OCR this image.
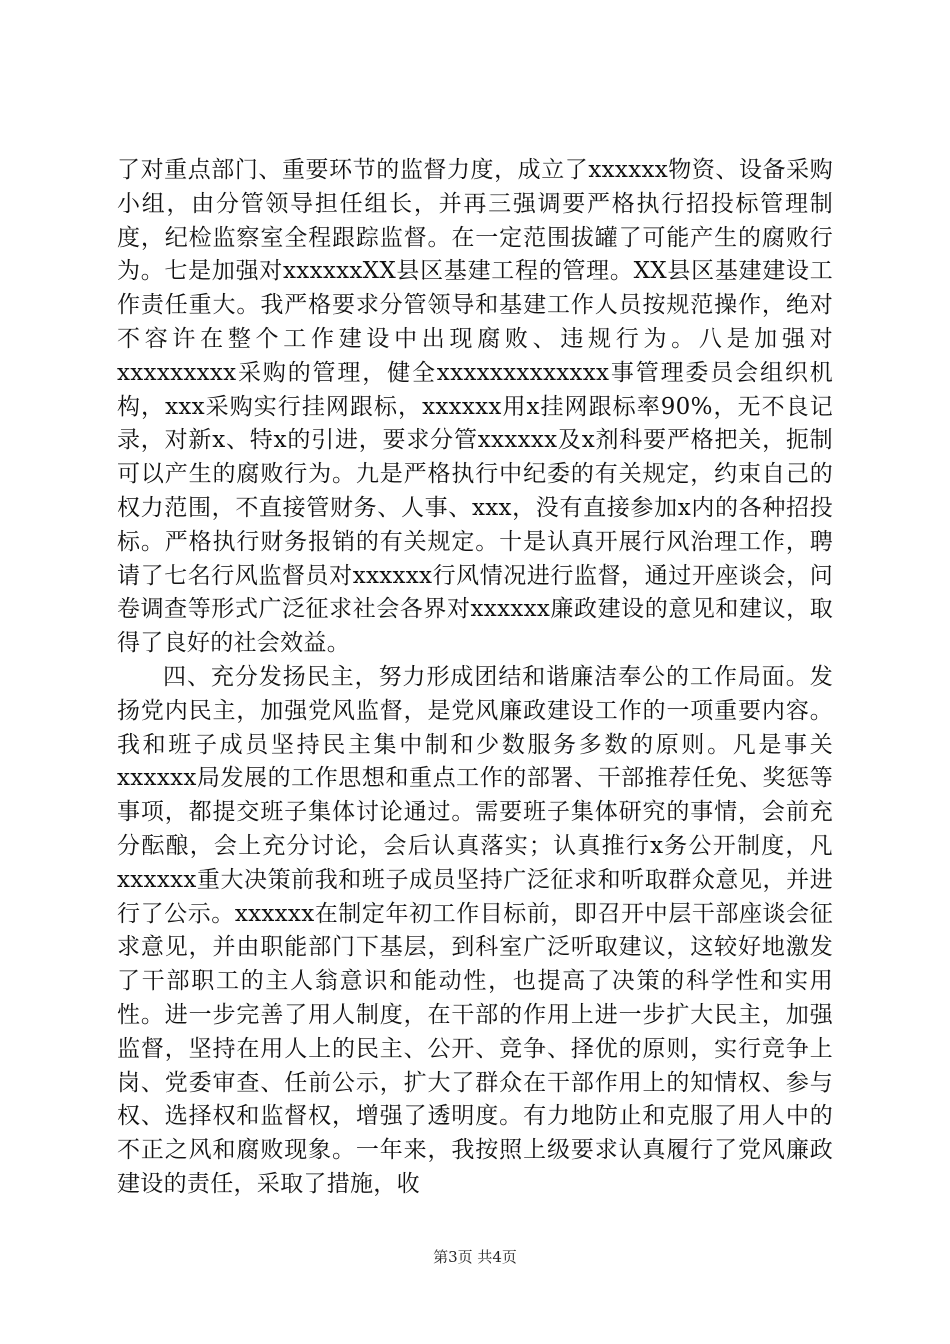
了对重点部门、重要环节的监督力度，成立了xxxxxx物资、设备采购小组，由分管领导担任组长，并再三强调要严格执行招投标管理制度，纪检监察室全程跟踪监督。在一定范围拔罐了可能产生的腐败行为。七是加强对xxxxxxXX县区基建工程的管理。XX县区基建建设工作责任重大。我严格要求分管领导和基建工作人员按规范操作，绝对不容许在整个工作建设中出现腐败、违规行为。八是加强对xxxxxxxxx采购的管理，健全xxxxxxxxxxxxx事管理委员会组织机构，xxx采购实行挂网跟标，xxxxxx用x挂网跟标率90%，无不良记录，对新x、特x的引进，要求分管xxxxxx及x剂科要严格把关，扼制可以产生的腐败行为。九是严格执行中纪委的有关规定，约束自己的权力范围，不直接管财务、人事、xxx，没有直接参加x内的各种招投标。严格执行财务报销的有关规定。十是认真开展行风治理工作，聘请了七名行风监督员对xxxxxx行风情况进行监督，通过开座谈会，问卷调查等形式广泛征求社会各界对xxxxxx廉政建设的意见和建议，取得了良好的社会效益。

四、充分发扬民主，努力形成团结和谐廉洁奉公的工作局面。发扬党内民主，加强党风监督，是党风廉政建设工作的一项重要内容。我和班子成员坚持民主集中制和少数服务多数的原则。凡是事关xxxxxx局发展的工作思想和重点工作的部署、干部推荐任免、奖惩等事项，都提交班子集体讨论通过。需要班子集体研究的事情，会前充分酝酿，会上充分讨论，会后认真落实；认真推行x务公开制度，凡xxxxxx重大决策前我和班子成员坚持广泛征求和听取群众意见，并进行了公示。xxxxxx在制定年初工作目标前，即召开中层干部座谈会征求意见，并由职能部门下基层，到科室广泛听取建议，这较好地激发了干部职工的主人翁意识和能动性，也提高了决策的科学性和实用性。进一步完善了用人制度，在干部的作用上进一步扩大民主，加强监督，坚持在用人上的民主、公开、竞争、择优的原则，实行竞争上岗、党委审查、任前公示，扩大了群众在干部作用上的知情权、参与权、选择权和监督权，增强了透明度。有力地防止和克服了用人中的不正之风和腐败现象。一年来，我按照上级要求认真履行了党风廉政建设的责任，采取了措施，收

第3页 共4页
